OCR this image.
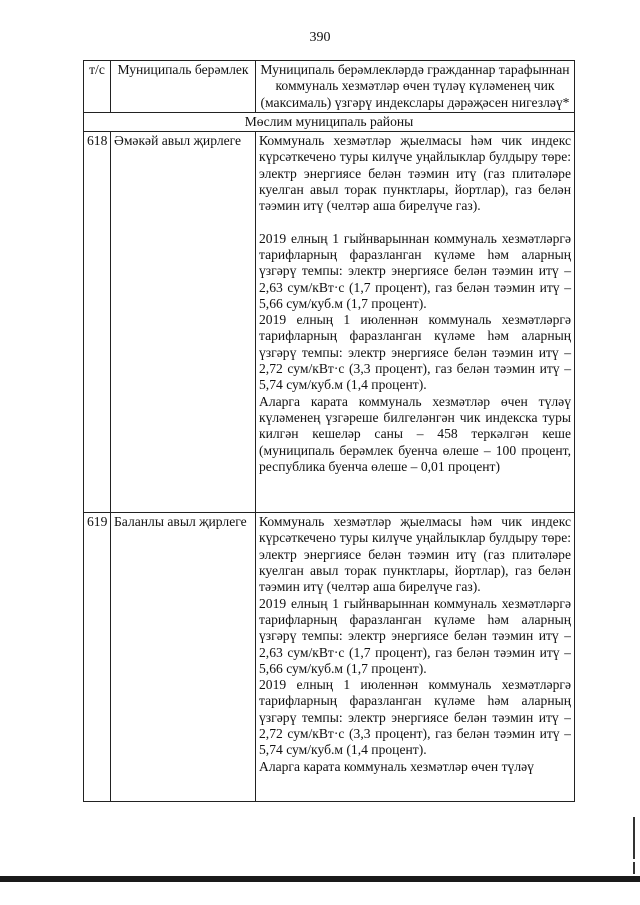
390
т/с	Муниципаль берәмлек	Муниципаль берәмлекләрдә гражданнар тарафыннан коммуналь хезмәтләр өчен түләү күләменең чик (максималь) үзгәрү индекслары дәрәҗәсен нигезләү*
Мөслим муниципаль районы		
618	Әмәкәй авыл җирлеге	Коммуналь хезмәтләр җыелмасы һәм чик индекс күрсәткечено туры килүче уңайлыклар булдыру төре: электр энергиясе белән тәэмин итү (газ плитәләре куелган авыл торак пунктлары, йортлар), газ белән тәэмин итү (челтәр аша бирелүче газ).

2019 елның 1 гыйнварыннан коммуналь хезмәтләргә тарифларның фаразланган күләме һәм аларның үзгәрү темпы: электр энергиясе белән тәэмин итү – 2,63 сум/кВт·с (1,7 процент), газ белән тәэмин итү – 5,66 сум/куб.м (1,7 процент).

2019 елның 1 июленнән коммуналь хезмәтләргә тарифларның фаразланган күләме һәм аларның үзгәрү темпы: электр энергиясе белән тәэмин итү – 2,72 сум/кВт·с (3,3 процент), газ белән тәэмин итү – 5,74 сум/куб.м (1,4 процент).

Аларга карата коммуналь хезмәтләр өчен түләү күләменең үзгәреше билгеләнгән чик индекска туры килгән кешеләр саны – 458 теркәлгән кеше (муниципаль берәмлек буенча өлеше – 100 процент, республика буенча өлеше – 0,01 процент)

619	Баланлы авыл җирлеге	Коммуналь хезмәтләр җыелмасы һәм чик индекс күрсәткечено туры килүче уңайлыклар булдыру төре: электр энергиясе белән тәэмин итү (газ плитәләре куелган авыл торак пунктлары, йортлар), газ белән тәэмин итү (челтәр аша бирелүче газ).

2019 елның 1 гыйнварыннан коммуналь хезмәтләргә тарифларның фаразланган күләме һәм аларның үзгәрү темпы: электр энергиясе белән тәэмин итү – 2,63 сум/кВт·с (1,7 процент), газ белән тәэмин итү – 5,66 сум/куб.м (1,7 процент).

2019 елның 1 июленнән коммуналь хезмәтләргә тарифларның фаразланган күләме һәм аларның үзгәрү темпы: электр энергиясе белән тәэмин итү – 2,72 сум/кВт·с (3,3 процент), газ белән тәэмин итү – 5,74 сум/куб.м (1,4 процент).

Аларга карата коммуналь хезмәтләр өчен түләү
